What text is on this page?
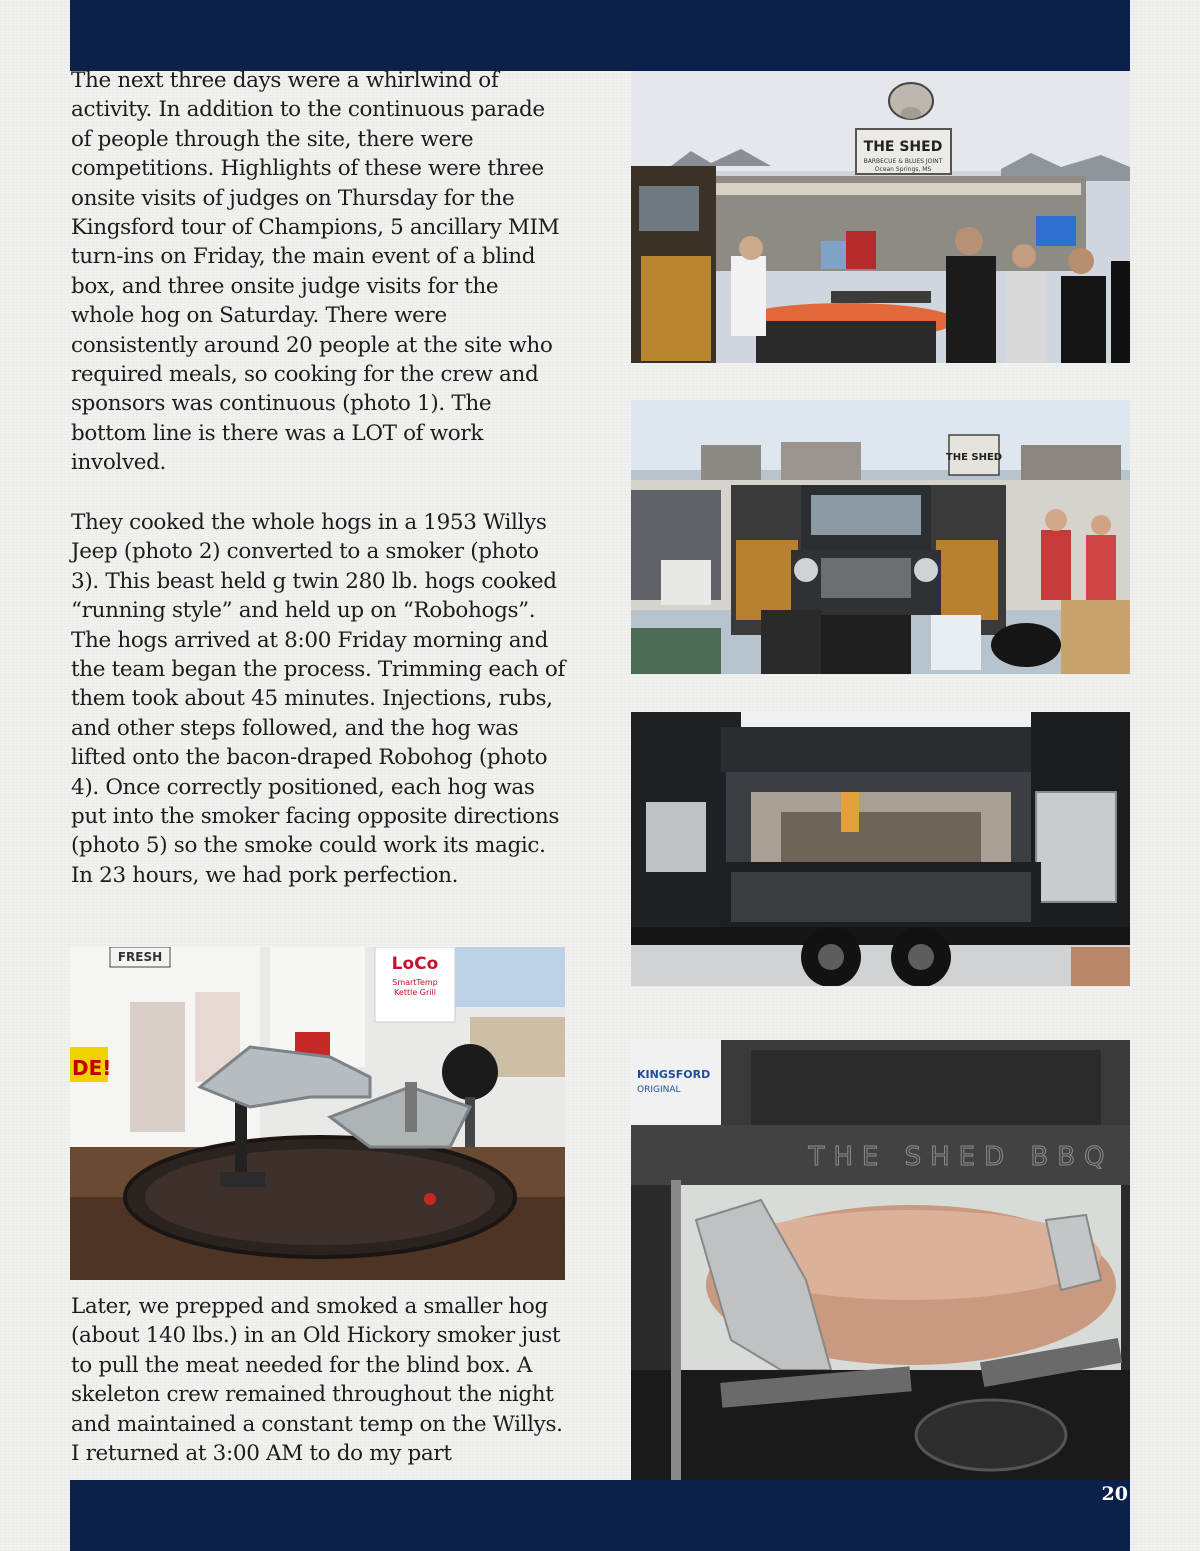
The next three days were a whirlwind of activity. In addition to the continuous parade of people through the site, there were competitions. Highlights of these were three onsite visits of judges on Thursday for the Kingsford tour of Champions, 5 ancillary MIM turn-ins on Friday, the main event of a blind box, and three onsite judge visits for the whole hog on Saturday. There were consistently around 20 people at the site who required meals, so cooking for the crew and sponsors was continuous (photo 1). The bottom line is there was a LOT of work involved.

They cooked the whole hogs in a 1953 Willys Jeep (photo 2) converted to a smoker (photo 3). This beast held g twin 280 lb. hogs cooked “running style” and held up on “Robohogs”. The hogs arrived at 8:00 Friday morning and the team began the process. Trimming each of them took about 45 minutes. Injections, rubs, and other steps followed, and the hog was lifted onto the bacon-draped Robohog (photo 4). Once correctly positioned, each hog was put into the smoker facing opposite directions (photo 5) so the smoke could work its magic. In 23 hours, we had pork perfection.

Later, we prepped and smoked a smaller hog (about 140 lbs.) in an Old Hickory smoker just to pull the meat needed for the blind box. A skeleton crew remained throughout the night and maintained a constant temp on the Willys. I returned at 3:00 AM to do my part

THE SHED
BARBECUE & BLUES JOINT
Ocean Springs, MS
THE SHED
FRESH
DE!
LoCo
SmartTemp
Kettle Grill
KINGSFORD
ORIGINAL
THE SHED BBQ
20
